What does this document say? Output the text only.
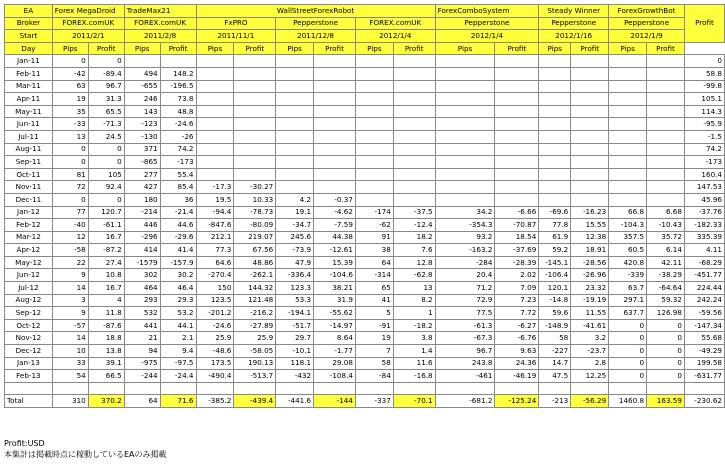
EA	Forex MegaDroid		TradeMax21		WallStreetForexRobot						ForexComboSystem		Steady Winner		ForexGrowthBot		Profit
Broker	FOREX.comUK		FOREX.comUK		FxPRO		Pepperstone		FOREX.comUK		Pepperstone		Pepperstone		Pepperstone		
Start	2011/2/1		2011/2/8		2011/11/1		2011/12/8		2012/1/4		2012/1/4		2012/1/16		2012/1/9		
Day	Pips	Profit	Pips	Profit	Pips	Profit	Pips	Profit	Pips	Profit	Pips	Profit	Pips	Profit	Pips	Profit	
Jan-11	0	0															0
Feb-11	-42	-89.4	494	148.2													58.8
Mar-11	63	96.7	-655	-196.5													-99.8
Apr-11	19	31.3	246	73.8													105.1
May-11	35	65.5	143	48.8													114.3
Jun-11	-33	-71.3	-123	-24.6													-95.9
Jul-11	13	24.5	-130	-26													-1.5
Aug-11	0	0	371	74.2													74.2
Sep-11	0	0	-865	-173													-173
Oct-11	81	105	277	55.4													160.4
Nov-11	72	92.4	427	85.4	-17.3	-30.27											147.53
Dec-11	0	0	180	36	19.5	10.33	4.2	-0.37									45.96
Jan-12	77	120.7	-214	-21.4	-94.4	-78.73	19.1	-4.62	-174	-37.5	34.2	-6.66	-69.6	-16.23	66.8	6.68	-37.76
Feb-12	-40	-61.1	446	44.6	-847.6	-80.09	-34.7	-7.59	-62	-12.4	-354.3	-70.87	77.8	15.55	-104.3	-10.43	-182.33
Mar-12	12	16.7	-296	-29.6	212.1	219.07	245.6	44.38	91	18.2	93.2	18.54	61.9	12.38	357.5	35.72	335.39
Apr-12	-58	-87.2	414	41.4	77.3	67.56	-73.9	-12.61	38	7.6	-163.2	-37.69	59.2	18.91	60.5	6.14	4.11
May-12	22	27.4	-1579	-157.9	64.6	48.86	47.9	15.39	64	12.8	-284	-28.39	-145.1	-28.56	420.8	42.11	-68.29
Jun-12	9	10.8	302	30.2	-270.4	-262.1	-336.4	-104.6	-314	-62.8	20.4	2.02	-106.4	-26.96	-339	-38.29	-451.77
Jul-12	14	16.7	464	46.4	150	144.32	123.3	38.21	65	13	71.2	7.09	120.1	23.32	63.7	-64.64	224.44
Aug-12	3	4	293	29.3	123.5	121.48	53.3	31.9	41	8.2	72.9	7.23	-14.8	-19.19	297.1	59.32	242.24
Sep-12	9	11.8	532	53.2	-201.2	-216.2	-194.1	-55.62	5	1	77.5	7.72	59.6	11.55	637.7	126.98	-59.56
Oct-12	-57	-87.6	441	44.1	-24.6	-27.89	-51.7	-14.97	-91	-18.2	-61.3	-6.27	-148.9	-41.61	0	0	-147.34
Nov-12	14	18.8	21	2.1	25.9	25.9	29.7	8.64	19	3.8	-67.3	-6.76	58	3.2	0	0	55.68
Dec-12	10	13.8	94	9.4	-48.6	-58.05	-10.1	-1.77	7	1.4	96.7	9.63	-227	-23.7	0	0	-49.29
Jan-13	33	39.1	-975	-97.5	173.5	190.13	118.1	29.08	58	11.6	243.8	24.36	14.7	2.8	0	0	199.58
Feb-13	54	66.5	-244	-24.4	-490.4	-513.7	-432	-108.4	-84	-16.8	-461	-46.19	47.5	12.25	0	0	-631.77

Total	310	370.2	64	71.6	-385.2	-439.4	-441.6	-144	-337	-70.1	-681.2	-125.24	-213	-56.29	1460.8	163.59	-230.62
Profit:USD
本集計は掲載時点に稼動しているEAのみ掲載
